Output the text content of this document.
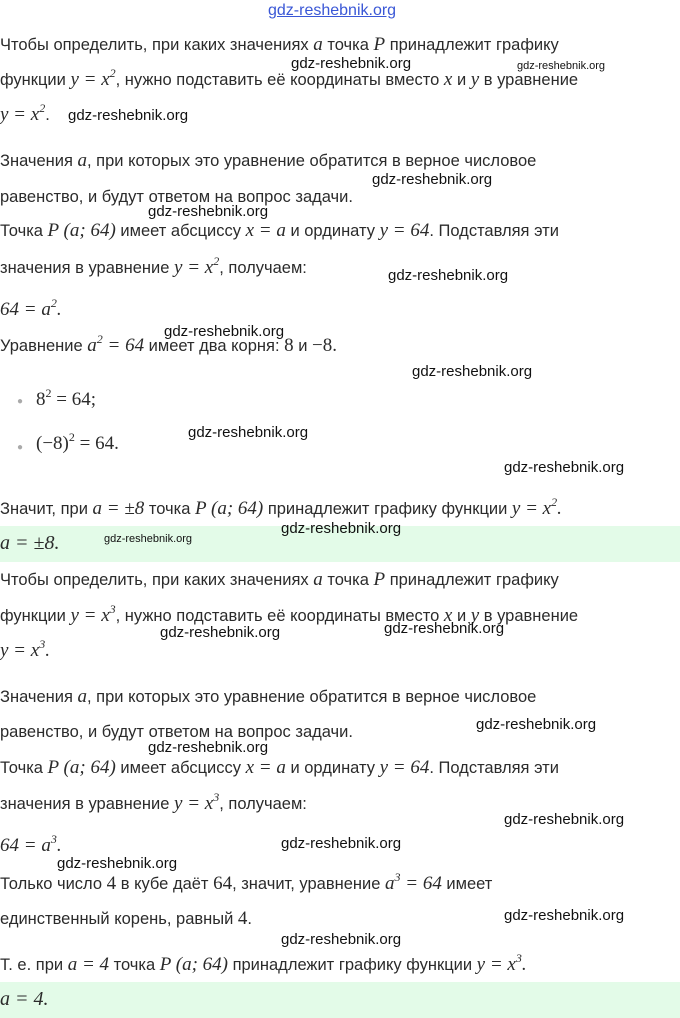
gdz-reshebnik.org
Чтобы определить, при каких значениях a точка P принадлежит графику
функции $y = x^2$, нужно подставить её координаты вместо x и y в уравнение
$y = x^2$.
Значения a, при которых это уравнение обратится в верное числовое
равенство, и будут ответом на вопрос задачи.
Точка P (a; 64) имеет абсциссу x = a и ординату y = 64. Подставляя эти
значения в уравнение $y = x^2$, получаем:
$64 = a^2$.
Уравнение $a^2 = 64$ имеет два корня: 8 и −8.
● $8^2 = 64$;
● $(-8)^2 = 64$.
Значит, при a = ±8 точка P (a; 64) принадлежит графику функции $y = x^2$.
a = ±8.
Чтобы определить, при каких значениях a точка P принадлежит графику
функции $y = x^3$, нужно подставить её координаты вместо x и y в уравнение
$y = x^3$.
Значения a, при которых это уравнение обратится в верное числовое
равенство, и будут ответом на вопрос задачи.
Точка P (a; 64) имеет абсциссу x = a и ординату y = 64. Подставляя эти
значения в уравнение $y = x^3$, получаем:
$64 = a^3$.
Только число 4 в кубе даёт 64, значит, уравнение $a^3 = 64$ имеет
единственный корень, равный 4.
Т. е. при a = 4 точка P (a; 64) принадлежит графику функции $y = x^3$.
a = 4.
gdz-reshebnik.org	gdz-reshebnik.org
gdz-reshebnik.org
gdz-reshebnik.org
gdz-reshebnik.org
gdz-reshebnik.org
gdz-reshebnik.org
gdz-reshebnik.org
gdz-reshebnik.org
gdz-reshebnik.org
gdz-reshebnik.org
gdz-reshebnik.org
gdz-reshebnik.org	gdz-reshebnik.org
gdz-reshebnik.org
gdz-reshebnik.org
gdz-reshebnik.org
gdz-reshebnik.org
gdz-reshebnik.org
gdz-reshebnik.org
gdz-reshebnik.org
